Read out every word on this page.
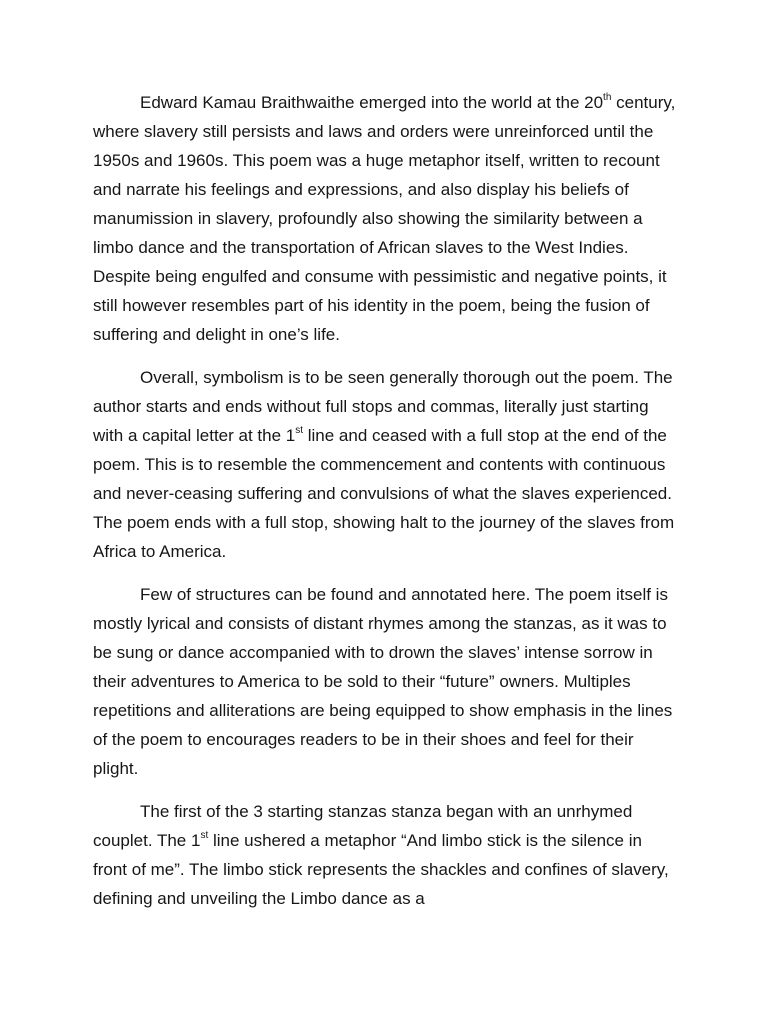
Edward Kamau Braithwaithe emerged into the world at the 20th century, where slavery still persists and laws and orders were unreinforced until the 1950s and 1960s. This poem was a huge metaphor itself, written to recount and narrate his feelings and expressions, and also display his beliefs of manumission in slavery, profoundly also showing the similarity between a limbo dance and the transportation of African slaves to the West Indies. Despite being engulfed and consume with pessimistic and negative points, it still however resembles part of his identity in the poem, being the fusion of suffering and delight in one’s life.

Overall, symbolism is to be seen generally thorough out the poem. The author starts and ends without full stops and commas, literally just starting with a capital letter at the 1st line and ceased with a full stop at the end of the poem. This is to resemble the commencement and contents with continuous and never-ceasing suffering and convulsions of what the slaves experienced. The poem ends with a full stop, showing halt to the journey of the slaves from Africa to America.

Few of structures can be found and annotated here. The poem itself is mostly lyrical and consists of distant rhymes among the stanzas, as it was to be sung or dance accompanied with to drown the slaves’ intense sorrow in their adventures to America to be sold to their “future” owners. Multiples repetitions and alliterations are being equipped to show emphasis in the lines of the poem to encourages readers to be in their shoes and feel for their plight.

The first of the 3 starting stanzas stanza began with an unrhymed couplet. The 1st line ushered a metaphor “And limbo stick is the silence in front of me”. The limbo stick represents the shackles and confines of slavery, defining and unveiling the Limbo dance as a
